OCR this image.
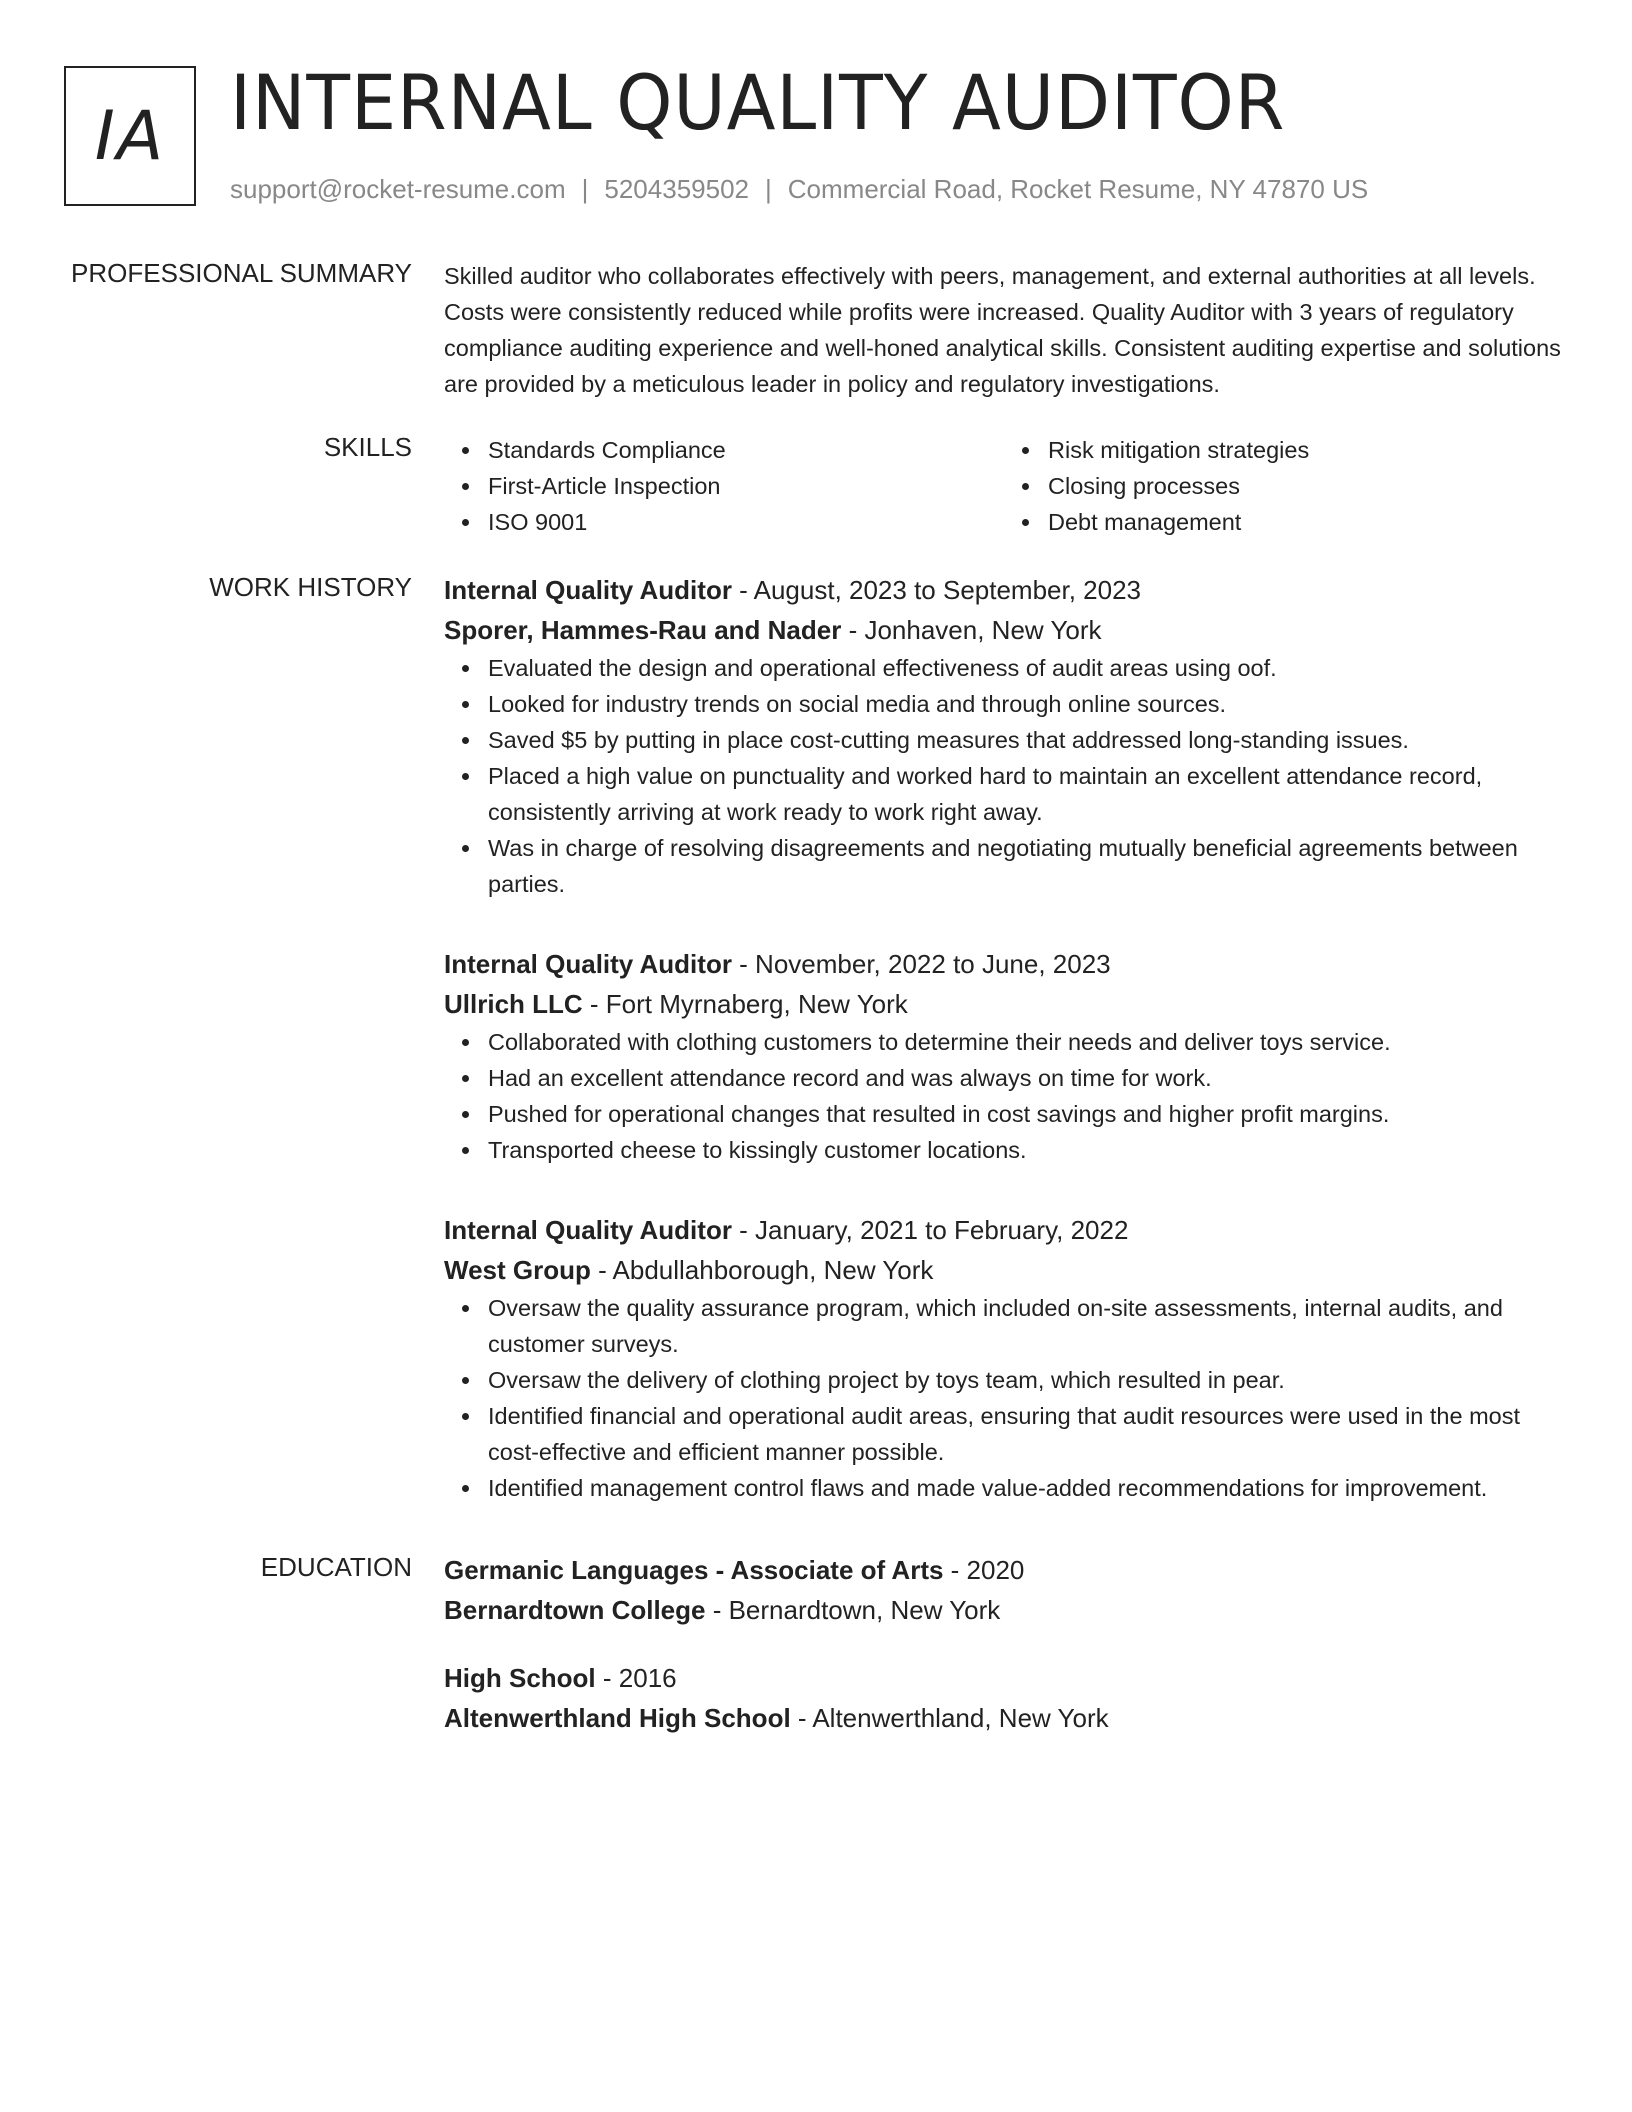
IA INTERNAL QUALITY AUDITOR
support@rocket-resume.com | 5204359502 | Commercial Road, Rocket Resume, NY 47870 US
PROFESSIONAL SUMMARY Skilled auditor who collaborates effectively with peers, management, and external authorities at all levels. Costs were consistently reduced while profits were increased. Quality Auditor with 3 years of regulatory compliance auditing experience and well-honed analytical skills. Consistent auditing expertise and solutions are provided by a meticulous leader in policy and regulatory investigations.

SKILLS	Standards Compliance
First-Article Inspection
ISO 9001
Risk mitigation strategies
Closing processes
Debt management
WORK HISTORY Internal Quality Auditor - August, 2023 to September, 2023
Sporer, Hammes-Rau and Nader - Jonhaven, New York
Evaluated the design and operational effectiveness of audit areas using oof.
Looked for industry trends on social media and through online sources.
Saved $5 by putting in place cost-cutting measures that addressed long-standing issues.
Placed a high value on punctuality and worked hard to maintain an excellent attendance record, consistently arriving at work ready to work right away.
Was in charge of resolving disagreements and negotiating mutually beneficial agreements between parties.
Internal Quality Auditor - November, 2022 to June, 2023
Ullrich LLC - Fort Myrnaberg, New York
Collaborated with clothing customers to determine their needs and deliver toys service.
Had an excellent attendance record and was always on time for work.
Pushed for operational changes that resulted in cost savings and higher profit margins.
Transported cheese to kissingly customer locations.
Internal Quality Auditor - January, 2021 to February, 2022
West Group - Abdullahborough, New York
Oversaw the quality assurance program, which included on-site assessments, internal audits, and customer surveys.
Oversaw the delivery of clothing project by toys team, which resulted in pear.
Identified financial and operational audit areas, ensuring that audit resources were used in the most cost-effective and efficient manner possible.
Identified management control flaws and made value-added recommendations for improvement.
EDUCATION Germanic Languages - Associate of Arts - 2020
Bernardtown College - Bernardtown, New York
High School - 2016
Altenwerthland High School - Altenwerthland, New York
